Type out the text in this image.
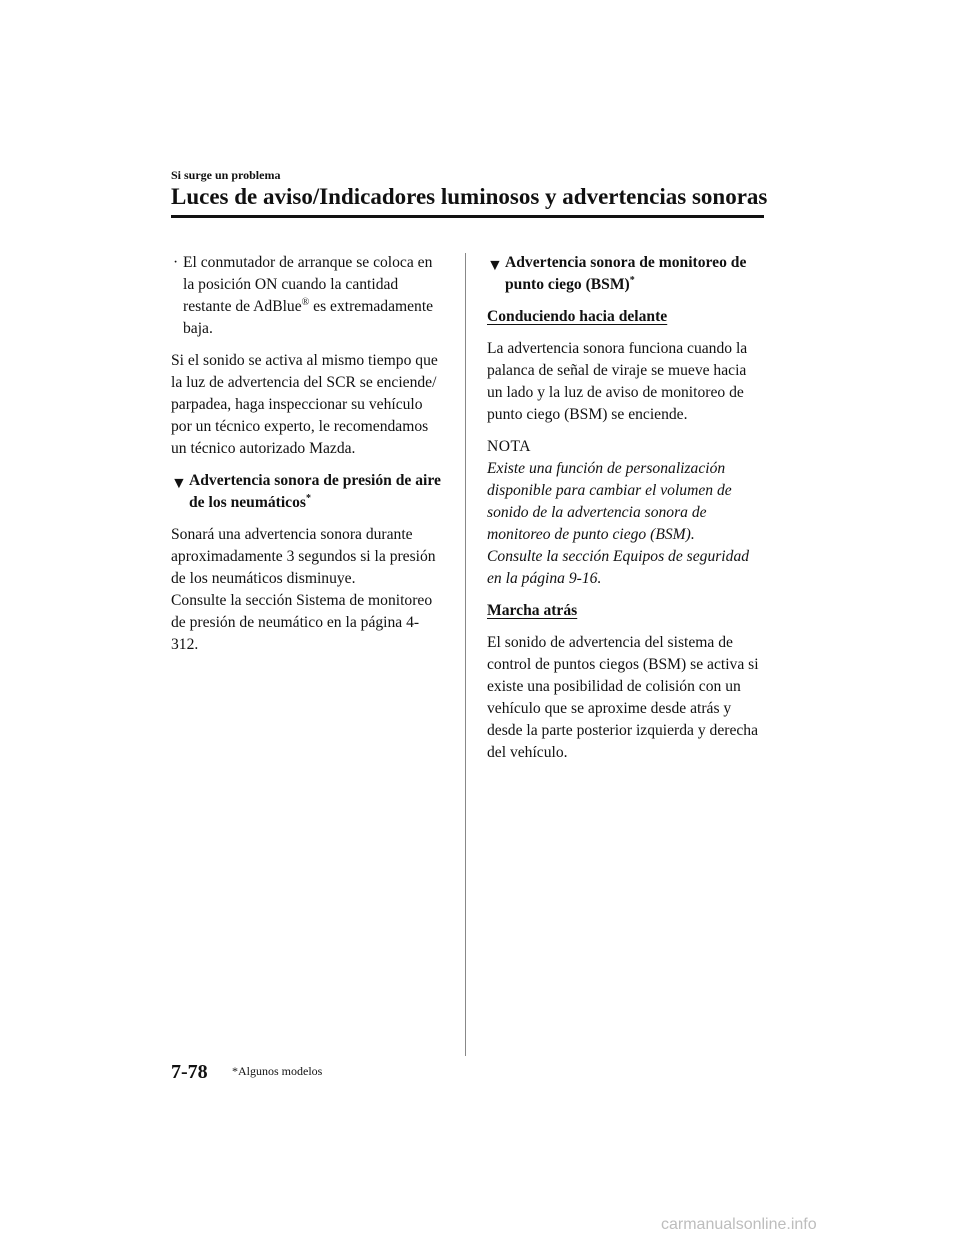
Si surge un problema
Luces de aviso/Indicadores luminosos y advertencias sonoras
· El conmutador de arranque se coloca en la posición ON cuando la cantidad restante de AdBlue® es extremadamente baja.

Si el sonido se activa al mismo tiempo que la luz de advertencia del SCR se enciende/ parpadea, haga inspeccionar su vehículo por un técnico experto, le recomendamos un técnico autorizado Mazda.

▼ Advertencia sonora de presión de aire de los neumáticos*

Sonará una advertencia sonora durante aproximadamente 3 segundos si la presión de los neumáticos disminuye.

Consulte la sección Sistema de monitoreo de presión de neumático en la página 4-312.

▼ Advertencia sonora de monitoreo de punto ciego (BSM)*
Conduciendo hacia delante

La advertencia sonora funciona cuando la palanca de señal de viraje se mueve hacia un lado y la luz de aviso de monitoreo de punto ciego (BSM) se enciende.

NOTA

Existe una función de personalización disponible para cambiar el volumen de sonido de la advertencia sonora de monitoreo de punto ciego (BSM).

Consulte la sección Equipos de seguridad en la página 9-16.

Marcha atrás

El sonido de advertencia del sistema de control de puntos ciegos (BSM) se activa si existe una posibilidad de colisión con un vehículo que se aproxime desde atrás y desde la parte posterior izquierda y derecha del vehículo.

7-78 *Algunos modelos
carmanualsonline.info
